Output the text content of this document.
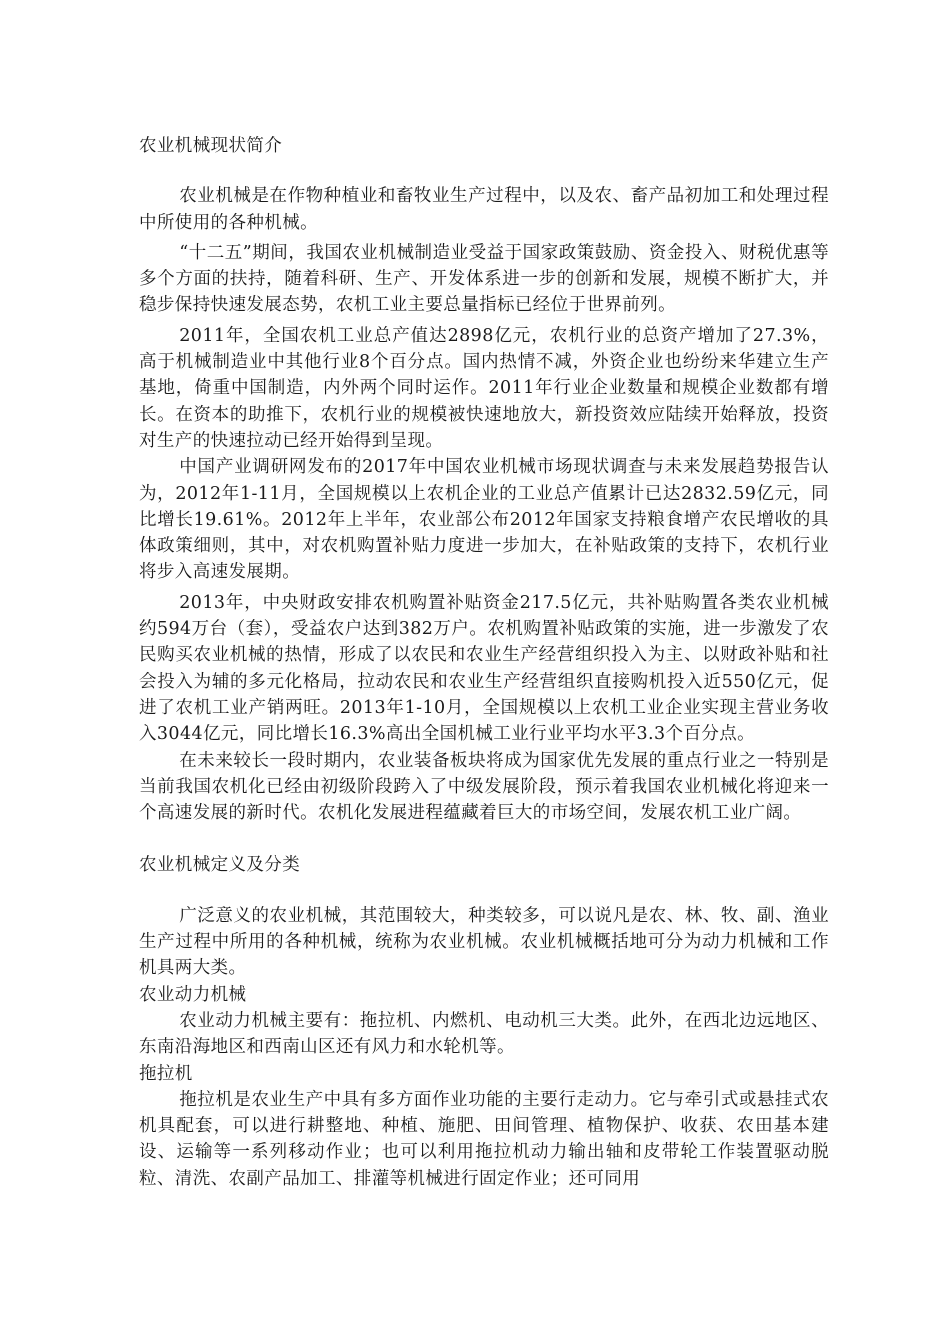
农业机械现状简介

农业机械是在作物种植业和畜牧业生产过程中，以及农、畜产品初加工和处理过程中所使用的各种机械。

“十二五”期间，我国农业机械制造业受益于国家政策鼓励、资金投入、财税优惠等多个方面的扶持，随着科研、生产、开发体系进一步的创新和发展，规模不断扩大，并稳步保持快速发展态势，农机工业主要总量指标已经位于世界前列。

2011年，全国农机工业总产值达2898亿元，农机行业的总资产增加了27.3%，高于机械制造业中其他行业8个百分点。国内热情不减，外资企业也纷纷来华建立生产基地，倚重中国制造，内外两个同时运作。2011年行业企业数量和规模企业数都有增长。在资本的助推下，农机行业的规模被快速地放大，新投资效应陆续开始释放，投资对生产的快速拉动已经开始得到呈现。

中国产业调研网发布的2017年中国农业机械市场现状调查与未来发展趋势报告认为，2012年1-11月，全国规模以上农机企业的工业总产值累计已达2832.59亿元，同比增长19.61%。2012年上半年，农业部公布2012年国家支持粮食增产农民增收的具体政策细则，其中，对农机购置补贴力度进一步加大，在补贴政策的支持下，农机行业将步入高速发展期。

2013年，中央财政安排农机购置补贴资金217.5亿元，共补贴购置各类农业机械约594万台（套），受益农户达到382万户。农机购置补贴政策的实施，进一步激发了农民购买农业机械的热情，形成了以农民和农业生产经营组织投入为主、以财政补贴和社会投入为辅的多元化格局，拉动农民和农业生产经营组织直接购机投入近550亿元，促进了农机工业产销两旺。2013年1-10月，全国规模以上农机工业企业实现主营业务收入3044亿元，同比增长16.3%高出全国机械工业行业平均水平3.3个百分点。

在未来较长一段时期内，农业装备板块将成为国家优先发展的重点行业之一特别是当前我国农机化已经由初级阶段跨入了中级发展阶段，预示着我国农业机械化将迎来一个高速发展的新时代。农机化发展进程蕴藏着巨大的市场空间，发展农机工业广阔。

农业机械定义及分类

广泛意义的农业机械，其范围较大，种类较多，可以说凡是农、林、牧、副、渔业生产过程中所用的各种机械，统称为农业机械。农业机械概括地可分为动力机械和工作机具两大类。

农业动力机械

农业动力机械主要有：拖拉机、内燃机、电动机三大类。此外，在西北边远地区、东南沿海地区和西南山区还有风力和水轮机等。

拖拉机

拖拉机是农业生产中具有多方面作业功能的主要行走动力。它与牵引式或悬挂式农机具配套，可以进行耕整地、种植、施肥、田间管理、植物保护、收获、农田基本建设、运输等一系列移动作业；也可以利用拖拉机动力输出轴和皮带轮工作装置驱动脱粒、清洗、农副产品加工、排灌等机械进行固定作业；还可同用
